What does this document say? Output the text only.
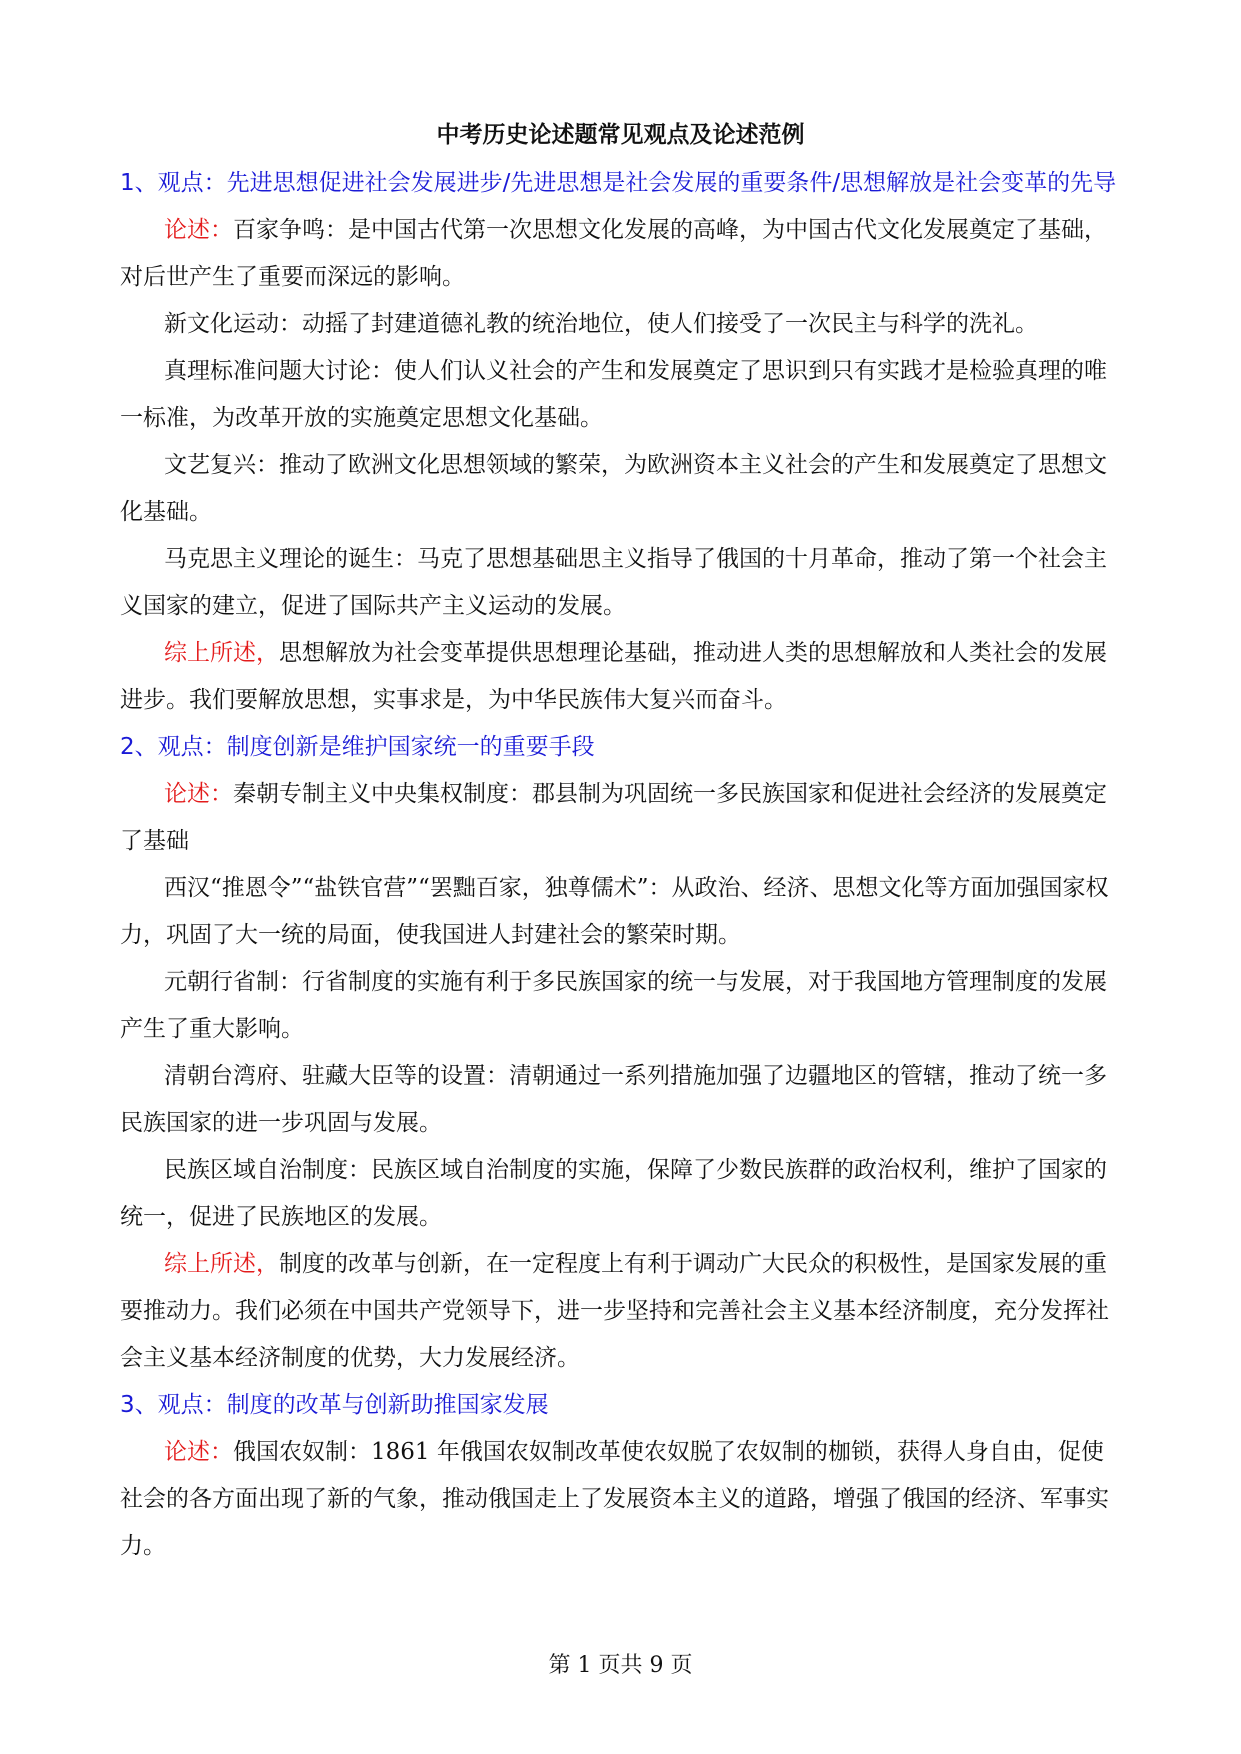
中考历史论述题常见观点及论述范例

1、观点：先进思想促进社会发展进步/先进思想是社会发展的重要条件/思想解放是社会变革的先导

论述：百家争鸣：是中国古代第一次思想文化发展的高峰，为中国古代文化发展奠定了基础，对后世产生了重要而深远的影响。

新文化运动：动摇了封建道德礼教的统治地位，使人们接受了一次民主与科学的洗礼。

真理标准问题大讨论：使人们认义社会的产生和发展奠定了思识到只有实践才是检验真理的唯一标准，为改革开放的实施奠定思想文化基础。

文艺复兴：推动了欧洲文化思想领域的繁荣，为欧洲资本主义社会的产生和发展奠定了思想文化基础。

马克思主义理论的诞生：马克了思想基础思主义指导了俄国的十月革命，推动了第一个社会主义国家的建立，促进了国际共产主义运动的发展。

综上所述，思想解放为社会变革提供思想理论基础，推动进人类的思想解放和人类社会的发展进步。我们要解放思想，实事求是，为中华民族伟大复兴而奋斗。

2、观点：制度创新是维护国家统一的重要手段

论述：秦朝专制主义中央集权制度：郡县制为巩固统一多民族国家和促进社会经济的发展奠定了基础

西汉“推恩令”“盐铁官营”“罢黜百家，独尊儒术”：从政治、经济、思想文化等方面加强国家权力，巩固了大一统的局面，使我国进人封建社会的繁荣时期。

元朝行省制：行省制度的实施有利于多民族国家的统一与发展，对于我国地方管理制度的发展产生了重大影响。

清朝台湾府、驻藏大臣等的设置：清朝通过一系列措施加强了边疆地区的管辖，推动了统一多民族国家的进一步巩固与发展。

民族区域自治制度：民族区域自治制度的实施，保障了少数民族群的政治权利，维护了国家的统一，促进了民族地区的发展。

综上所述，制度的改革与创新，在一定程度上有利于调动广大民众的积极性，是国家发展的重要推动力。我们必须在中国共产党领导下，进一步坚持和完善社会主义基本经济制度，充分发挥社会主义基本经济制度的优势，大力发展经济。

3、观点：制度的改革与创新助推国家发展

论述：俄国农奴制：1861 年俄国农奴制改革使农奴脱了农奴制的枷锁，获得人身自由，促使社会的各方面出现了新的气象，推动俄国走上了发展资本主义的道路，增强了俄国的经济、军事实力。

第 1 页共 9 页
